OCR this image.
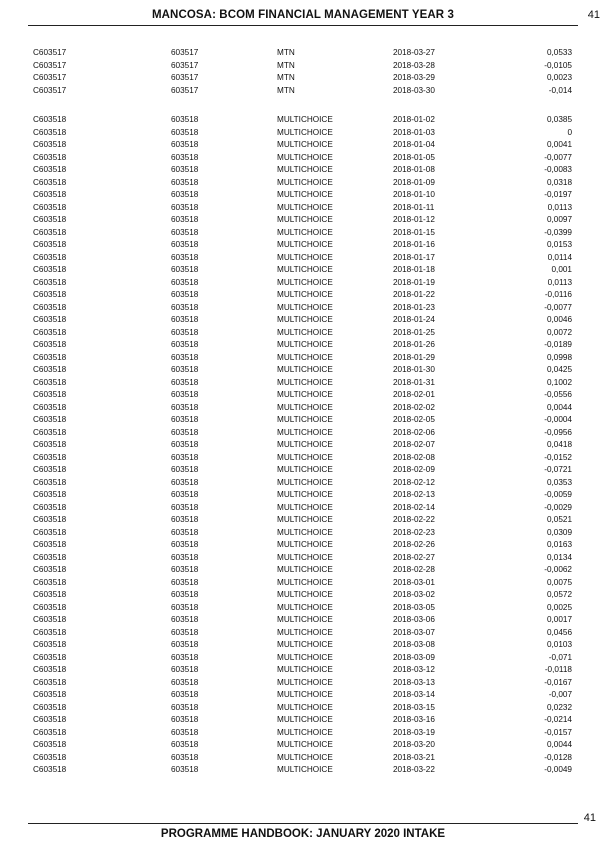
MANCOSA: BCOM FINANCIAL MANAGEMENT YEAR 3	41
C603517	603517	MTN	2018-03-27	0,0533
C603517	603517	MTN	2018-03-28	-0,0105
C603517	603517	MTN	2018-03-29	0,0023
C603517	603517	MTN	2018-03-30	-0,014
C603518	603518	MULTICHOICE	2018-01-02	0,0385
C603518	603518	MULTICHOICE	2018-01-03	0
C603518	603518	MULTICHOICE	2018-01-04	0,0041
C603518	603518	MULTICHOICE	2018-01-05	-0,0077
C603518	603518	MULTICHOICE	2018-01-08	-0,0083
C603518	603518	MULTICHOICE	2018-01-09	0,0318
C603518	603518	MULTICHOICE	2018-01-10	-0,0197
C603518	603518	MULTICHOICE	2018-01-11	0,0113
C603518	603518	MULTICHOICE	2018-01-12	0,0097
C603518	603518	MULTICHOICE	2018-01-15	-0,0399
C603518	603518	MULTICHOICE	2018-01-16	0,0153
C603518	603518	MULTICHOICE	2018-01-17	0,0114
C603518	603518	MULTICHOICE	2018-01-18	0,001
C603518	603518	MULTICHOICE	2018-01-19	0,0113
C603518	603518	MULTICHOICE	2018-01-22	-0,0116
C603518	603518	MULTICHOICE	2018-01-23	-0,0077
C603518	603518	MULTICHOICE	2018-01-24	0,0046
C603518	603518	MULTICHOICE	2018-01-25	0,0072
C603518	603518	MULTICHOICE	2018-01-26	-0,0189
C603518	603518	MULTICHOICE	2018-01-29	0,0998
C603518	603518	MULTICHOICE	2018-01-30	0,0425
C603518	603518	MULTICHOICE	2018-01-31	0,1002
C603518	603518	MULTICHOICE	2018-02-01	-0,0556
C603518	603518	MULTICHOICE	2018-02-02	0,0044
C603518	603518	MULTICHOICE	2018-02-05	-0,0004
C603518	603518	MULTICHOICE	2018-02-06	-0,0956
C603518	603518	MULTICHOICE	2018-02-07	0,0418
C603518	603518	MULTICHOICE	2018-02-08	-0,0152
C603518	603518	MULTICHOICE	2018-02-09	-0,0721
C603518	603518	MULTICHOICE	2018-02-12	0,0353
C603518	603518	MULTICHOICE	2018-02-13	-0,0059
C603518	603518	MULTICHOICE	2018-02-14	-0,0029
C603518	603518	MULTICHOICE	2018-02-22	0,0521
C603518	603518	MULTICHOICE	2018-02-23	0,0309
C603518	603518	MULTICHOICE	2018-02-26	0,0163
C603518	603518	MULTICHOICE	2018-02-27	0,0134
C603518	603518	MULTICHOICE	2018-02-28	-0,0062
C603518	603518	MULTICHOICE	2018-03-01	0,0075
C603518	603518	MULTICHOICE	2018-03-02	0,0572
C603518	603518	MULTICHOICE	2018-03-05	0,0025
C603518	603518	MULTICHOICE	2018-03-06	0,0017
C603518	603518	MULTICHOICE	2018-03-07	0,0456
C603518	603518	MULTICHOICE	2018-03-08	0,0103
C603518	603518	MULTICHOICE	2018-03-09	-0,071
C603518	603518	MULTICHOICE	2018-03-12	-0,0118
C603518	603518	MULTICHOICE	2018-03-13	-0,0167
C603518	603518	MULTICHOICE	2018-03-14	-0,007
C603518	603518	MULTICHOICE	2018-03-15	0,0232
C603518	603518	MULTICHOICE	2018-03-16	-0,0214
C603518	603518	MULTICHOICE	2018-03-19	-0,0157
C603518	603518	MULTICHOICE	2018-03-20	0,0044
C603518	603518	MULTICHOICE	2018-03-21	-0,0128
C603518	603518	MULTICHOICE	2018-03-22	-0,0049
41
PROGRAMME HANDBOOK: JANUARY 2020 INTAKE
